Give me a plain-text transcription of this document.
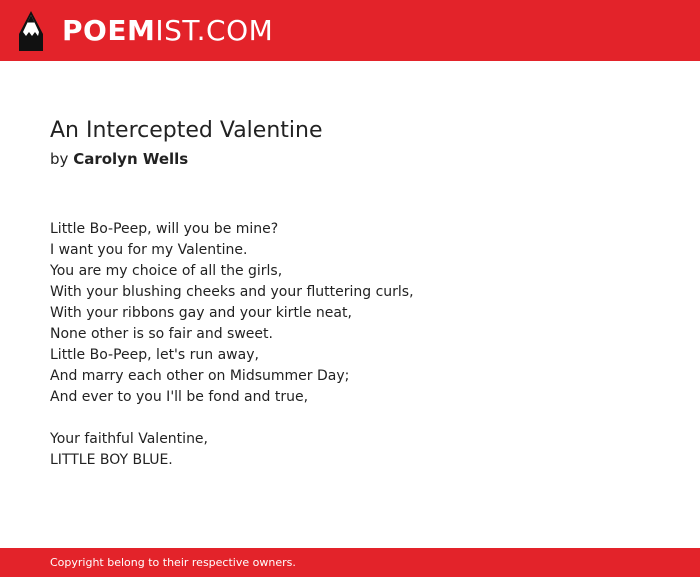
POEMIST.COM
An Intercepted Valentine
by Carolyn Wells
Little Bo-Peep, will you be mine?
I want you for my Valentine.
You are my choice of all the girls,
With your blushing cheeks and your fluttering curls,
With your ribbons gay and your kirtle neat,
None other is so fair and sweet.
Little Bo-Peep, let's run away,
And marry each other on Midsummer Day;
And ever to you I'll be fond and true,
Your faithful Valentine,
LITTLE BOY BLUE.
Copyright belong to their respective owners.
